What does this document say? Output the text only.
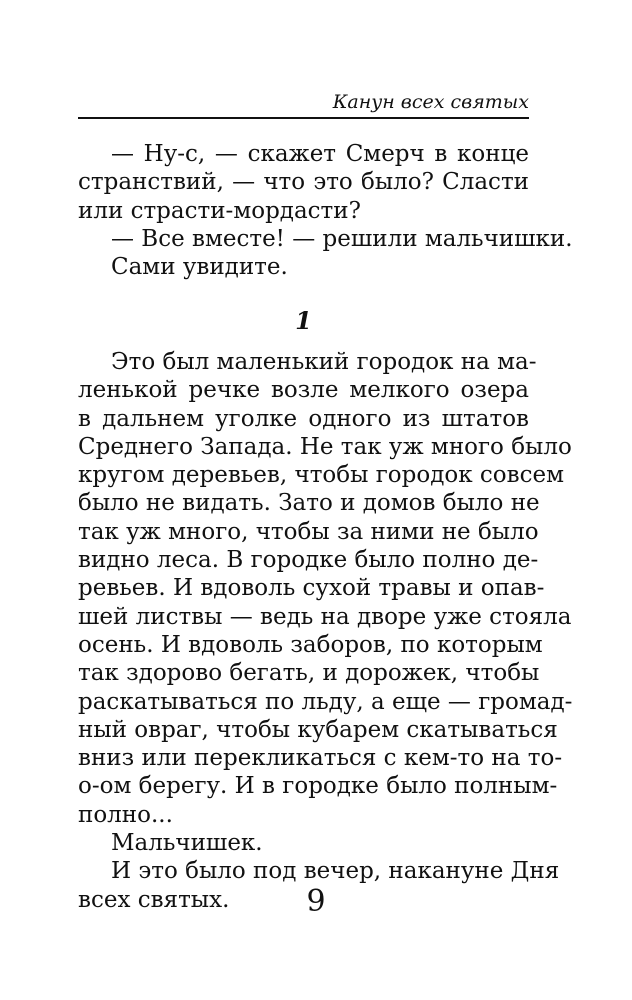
Канун всех святых
— Ну-с, — скажет Смерч в конце
странствий, — что это было? Сласти
или страсти-мордасти?
— Все вместе! — решили мальчишки.
Сами увидите.
1
Это был маленький городок на ма-
ленькой речке возле мелкого озера
в дальнем уголке одного из штатов
Среднего Запада. Не так уж много было
кругом деревьев, чтобы городок совсем
было не видать. Зато и домов было не
так уж много, чтобы за ними не было
видно леса. В городке было полно де-
ревьев. И вдоволь сухой травы и опав-
шей листвы — ведь на дворе уже стояла
осень. И вдоволь заборов, по которым
так здорово бегать, и дорожек, чтобы
раскатываться по льду, а еще — громад-
ный овраг, чтобы кубарем скатываться
вниз или перекликаться с кем-то на то-
о-ом берегу. И в городке было полным-
полно...
Мальчишек.
И это было под вечер, накануне Дня
всех святых.	9
